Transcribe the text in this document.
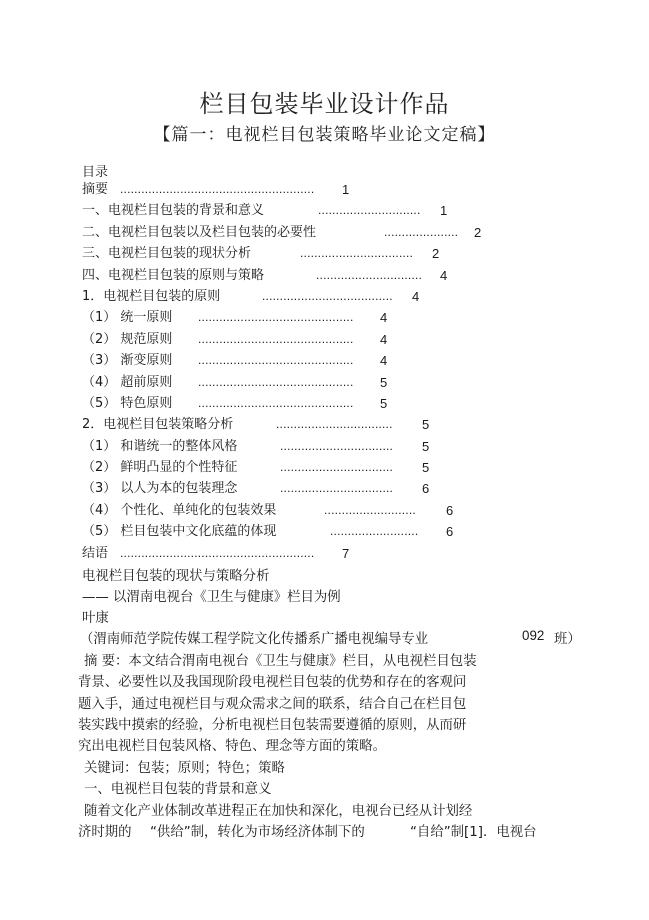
栏目包装毕业设计作品
【篇一：电视栏目包装策略毕业论文定稿】
目录
摘要 ....................................................... 1
一、电视栏目包装的背景和意义	............................. 1
二、电视栏目包装以及栏目包装的必要性	..................... 2
三、电视栏目包装的现状分析	................................ 2
四、电视栏目包装的原则与策略	.............................. 4
1．电视栏目包装的原则	..................................... 4
（1） 统一原则 ............................................ 4
（2） 规范原则 ............................................ 4
（3） 渐变原则 ............................................ 4
（4） 超前原则 ............................................ 5
（5） 特色原则 ............................................ 5
2．电视栏目包装策略分析	................................. 5
（1） 和谐统一的整体风格	................................ 5
（2） 鲜明凸显的个性特征	................................ 5
（3） 以人为本的包装理念	................................ 6
（4） 个性化、单纯化的包装效果	.......................... 6
（5） 栏目包装中文化底蕴的体现	......................... 6
结语 ....................................................... 7
电视栏目包装的现状与策略分析
—— 以渭南电视台《卫生与健康》栏目为例
叶康
（渭南师范学院传媒工程学院文化传播系广播电视编导专业	092 班）
摘 要：本文结合渭南电视台《卫生与健康》栏目，从电视栏目包装
背景、必要性以及我国现阶段电视栏目包装的优势和存在的客观问
题入手，通过电视栏目与观众需求之间的联系，结合自己在栏目包
装实践中摸索的经验，分析电视栏目包装需要遵循的原则，从而研
究出电视栏目包装风格、特色、理念等方面的策略。
关键词：包装；原则；特色；策略
一、电视栏目包装的背景和意义
随着文化产业体制改革进程正在加快和深化，电视台已经从计划经
济时期的 “供给”制，转化为市场经济体制下的	“自给”制[1]．电视台
